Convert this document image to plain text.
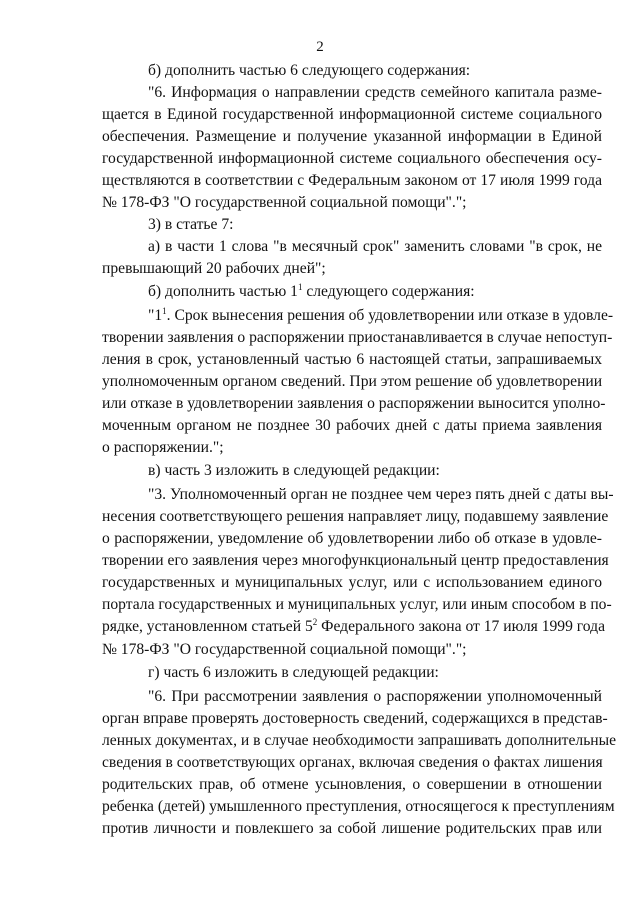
2
б) дополнить частью 6 следующего содержания:
"6. Информация о направлении средств семейного капитала разме-
щается в Единой государственной информационной системе социального
обеспечения. Размещение и получение указанной информации в Единой
государственной информационной системе социального обеспечения осу-
ществляются в соответствии с Федеральным законом от 17 июля 1999 года
№ 178-ФЗ "О государственной социальной помощи".";
3) в статье 7:
а) в части 1 слова "в месячный срок" заменить словами "в срок, не
превышающий 20 рабочих дней";
б) дополнить частью $1^1$ следующего содержания:
"$1^1$. Срок вынесения решения об удовлетворении или отказе в удовле-
творении заявления о распоряжении приостанавливается в случае непоступ-
ления в срок, установленный частью 6 настоящей статьи, запрашиваемых
уполномоченным органом сведений. При этом решение об удовлетворении
или отказе в удовлетворении заявления о распоряжении выносится уполно-
моченным органом не позднее 30 рабочих дней с даты приема заявления
о распоряжении.";
в) часть 3 изложить в следующей редакции:
"3. Уполномоченный орган не позднее чем через пять дней с даты вы-
несения соответствующего решения направляет лицу, подавшему заявление
о распоряжении, уведомление об удовлетворении либо об отказе в удовле-
творении его заявления через многофункциональный центр предоставления
государственных и муниципальных услуг, или с использованием единого
портала государственных и муниципальных услуг, или иным способом в по-
рядке, установленном статьей $5^2$ Федерального закона от 17 июля 1999 года
№ 178-ФЗ "О государственной социальной помощи".";
г) часть 6 изложить в следующей редакции:
"6. При рассмотрении заявления о распоряжении уполномоченный
орган вправе проверять достоверность сведений, содержащихся в представ-
ленных документах, и в случае необходимости запрашивать дополнительные
сведения в соответствующих органах, включая сведения о фактах лишения
родительских прав, об отмене усыновления, о совершении в отношении
ребенка (детей) умышленного преступления, относящегося к преступлениям
против личности и повлекшего за собой лишение родительских прав или
